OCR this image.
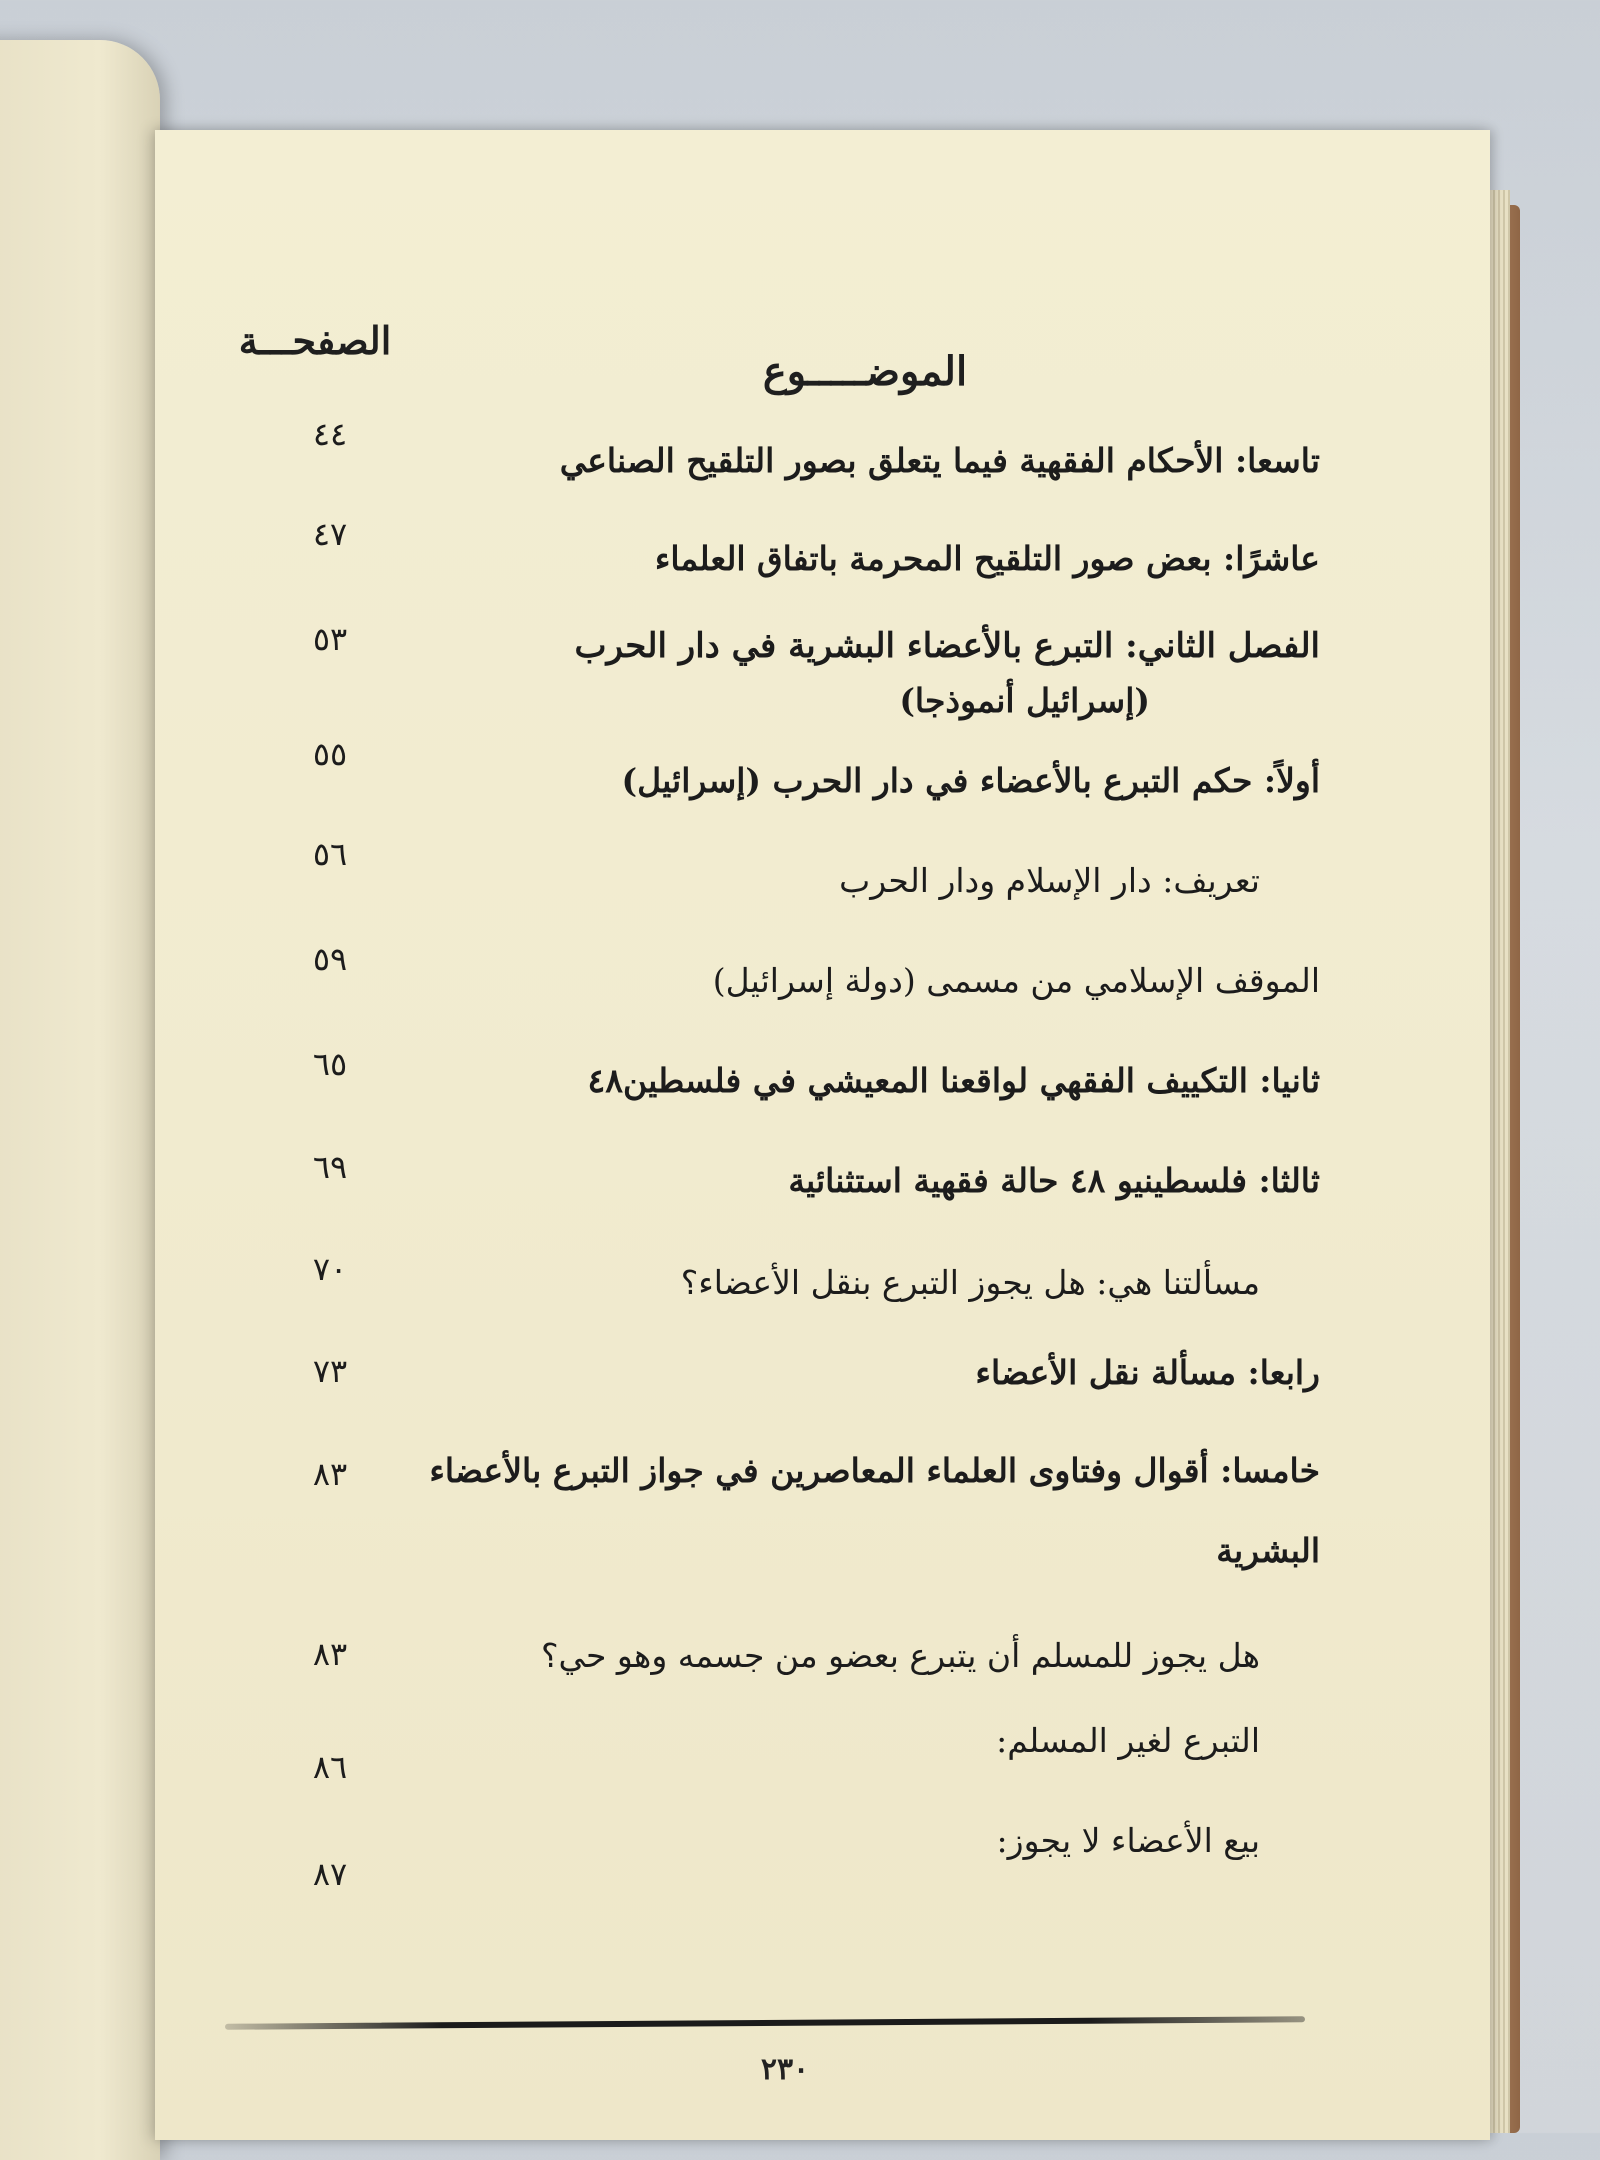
الصفحـــة
الموضـــــوع
تاسعا: الأحكام الفقهية فيما يتعلق بصور التلقيح الصناعي
٤٤
عاشرًا: بعض صور التلقيح المحرمة باتفاق العلماء
٤٧
الفصل الثاني: التبرع بالأعضاء البشرية في دار الحرب
(إسرائيل أنموذجا)
٥٣
أولاً: حكم التبرع بالأعضاء في دار الحرب (إسرائيل)
٥٥
تعريف: دار الإسلام ودار الحرب
٥٦
الموقف الإسلامي من مسمى (دولة إسرائيل)
٥٩
ثانيا: التكييف الفقهي لواقعنا المعيشي في فلسطين٤٨
٦٥
ثالثا: فلسطينيو ٤٨ حالة فقهية استثنائية
٦٩
مسألتنا هي: هل يجوز التبرع بنقل الأعضاء؟
٧٠
رابعا: مسألة نقل الأعضاء
٧٣
خامسا: أقوال وفتاوى العلماء المعاصرين في جواز التبرع بالأعضاء
البشرية
٨٣
هل يجوز للمسلم أن يتبرع بعضو من جسمه وهو حي؟
٨٣
التبرع لغير المسلم:
٨٦
بيع الأعضاء لا يجوز:
٨٧
٢٣٠
